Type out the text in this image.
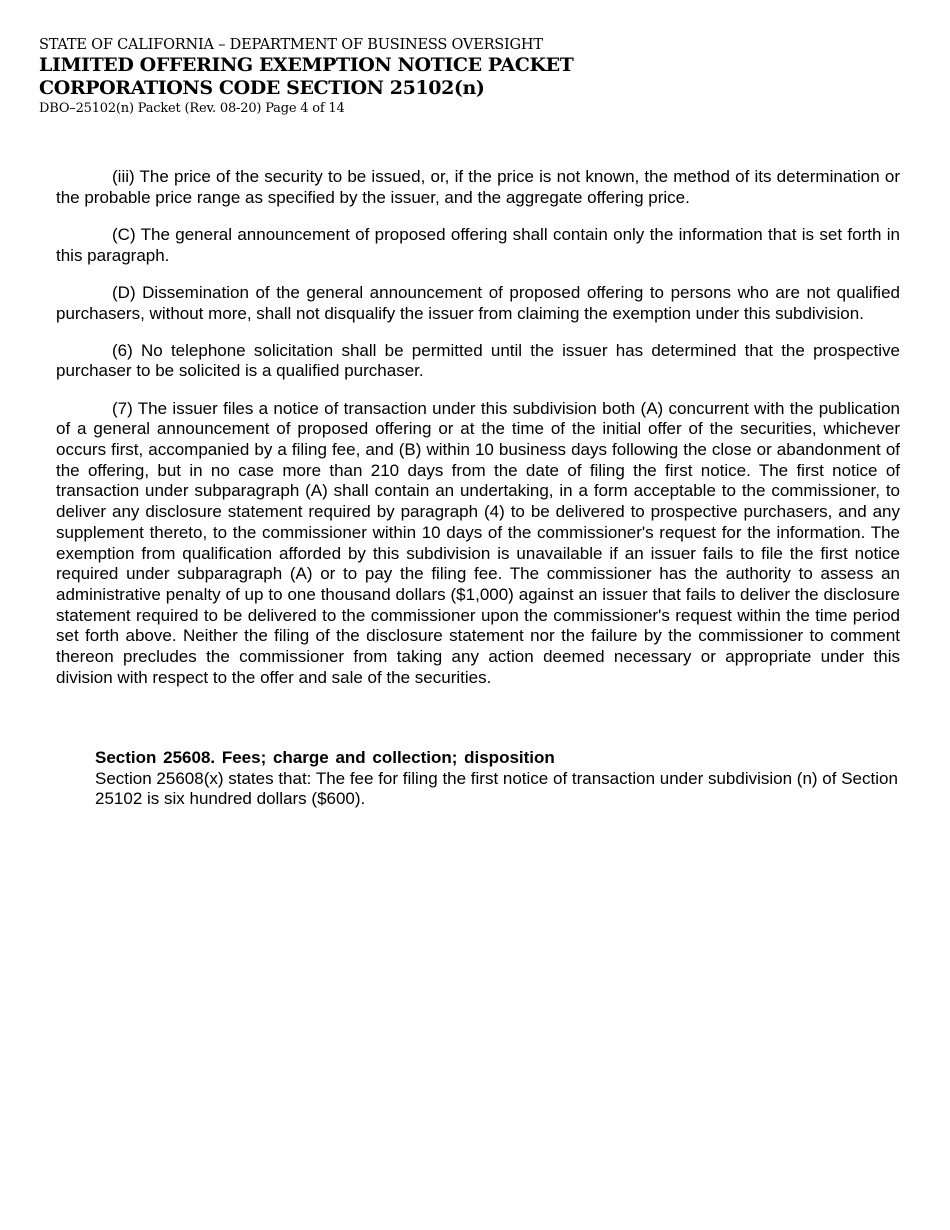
STATE OF CALIFORNIA – DEPARTMENT OF BUSINESS OVERSIGHT
LIMITED OFFERING EXEMPTION NOTICE PACKET
CORPORATIONS CODE SECTION 25102(n)
DBO–25102(n) Packet (Rev. 08-20) Page 4 of 14

(iii) The price of the security to be issued, or, if the price is not known, the method of its determination or the probable price range as specified by the issuer, and the aggregate offering price.

(C) The general announcement of proposed offering shall contain only the information that is set forth in this paragraph.

(D) Dissemination of the general announcement of proposed offering to persons who are not qualified purchasers, without more, shall not disqualify the issuer from claiming the exemption under this subdivision.

(6) No telephone solicitation shall be permitted until the issuer has determined that the prospective purchaser to be solicited is a qualified purchaser.

(7) The issuer files a notice of transaction under this subdivision both (A) concurrent with the publication of a general announcement of proposed offering or at the time of the initial offer of the securities, whichever occurs first, accompanied by a filing fee, and (B) within 10 business days following the close or abandonment of the offering, but in no case more than 210 days from the date of filing the first notice. The first notice of transaction under subparagraph (A) shall contain an undertaking, in a form acceptable to the commissioner, to deliver any disclosure statement required by paragraph (4) to be delivered to prospective purchasers, and any supplement thereto, to the commissioner within 10 days of the commissioner's request for the information. The exemption from qualification afforded by this subdivision is unavailable if an issuer fails to file the first notice required under subparagraph (A) or to pay the filing fee. The commissioner has the authority to assess an administrative penalty of up to one thousand dollars ($1,000) against an issuer that fails to deliver the disclosure statement required to be delivered to the commissioner upon the commissioner's request within the time period set forth above. Neither the filing of the disclosure statement nor the failure by the commissioner to comment thereon precludes the commissioner from taking any action deemed necessary or appropriate under this division with respect to the offer and sale of the securities.

Section 25608. Fees; charge and collection; disposition

Section 25608(x) states that: The fee for filing the first notice of transaction under subdivision (n) of Section 25102 is six hundred dollars ($600).
